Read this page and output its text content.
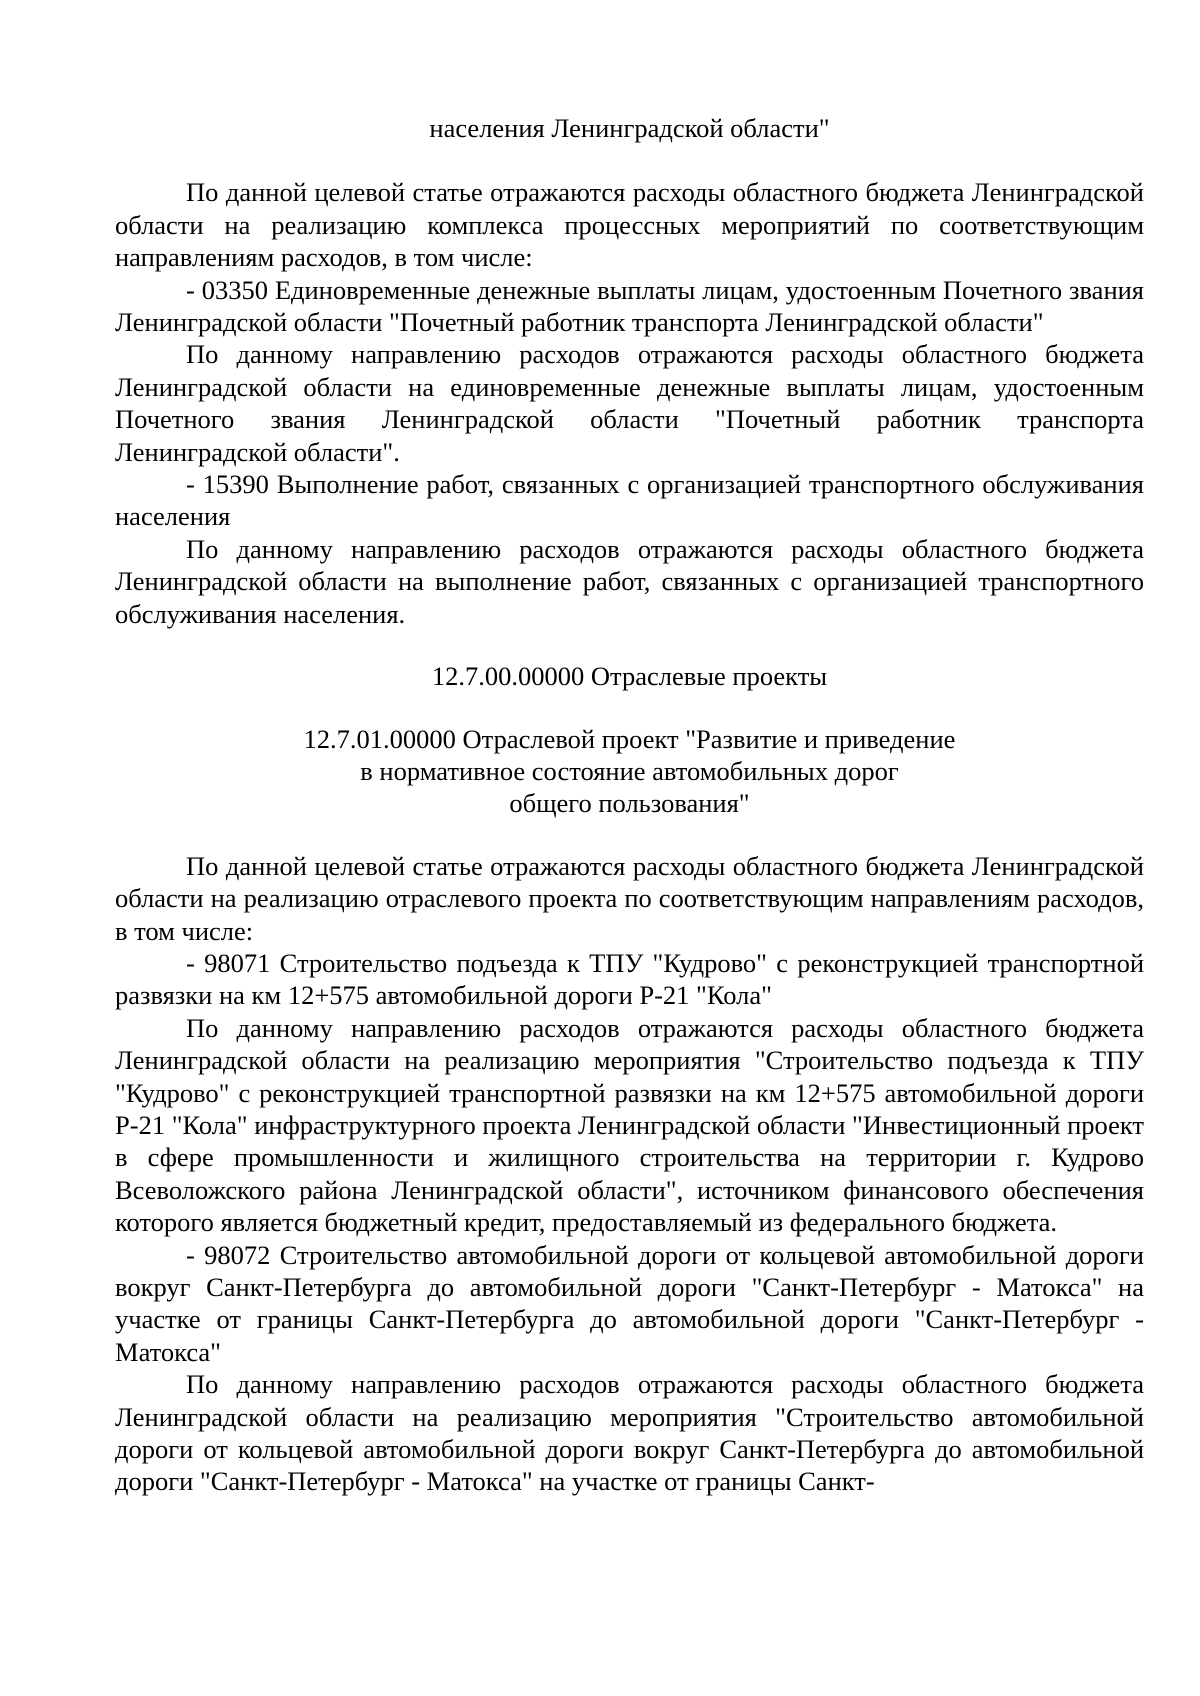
населения Ленинградской области"

По данной целевой статье отражаются расходы областного бюджета Ленинградской области на реализацию комплекса процессных мероприятий по соответствующим направлениям расходов, в том числе:

- 03350 Единовременные денежные выплаты лицам, удостоенным Почетного звания Ленинградской области "Почетный работник транспорта Ленинградской области"

По данному направлению расходов отражаются расходы областного бюджета Ленинградской области на единовременные денежные выплаты лицам, удостоенным Почетного звания Ленинградской области "Почетный работник транспорта Ленинградской области".

- 15390 Выполнение работ, связанных с организацией транспортного обслуживания населения

По данному направлению расходов отражаются расходы областного бюджета Ленинградской области на выполнение работ, связанных с организацией транспортного обслуживания населения.

12.7.00.00000 Отраслевые проекты

12.7.01.00000 Отраслевой проект "Развитие и приведение

в нормативное состояние автомобильных дорог

общего пользования"

По данной целевой статье отражаются расходы областного бюджета Ленинградской области на реализацию отраслевого проекта по соответствующим направлениям расходов, в том числе:

- 98071 Строительство подъезда к ТПУ "Кудрово" с реконструкцией транспортной развязки на км 12+575 автомобильной дороги Р-21 "Кола"

По данному направлению расходов отражаются расходы областного бюджета Ленинградской области на реализацию мероприятия "Строительство подъезда к ТПУ "Кудрово" с реконструкцией транспортной развязки на км 12+575 автомобильной дороги Р-21 "Кола" инфраструктурного проекта Ленинградской области "Инвестиционный проект в сфере промышленности и жилищного строительства на территории г. Кудрово Всеволожского района Ленинградской области", источником финансового обеспечения которого является бюджетный кредит, предоставляемый из федерального бюджета.

- 98072 Строительство автомобильной дороги от кольцевой автомобильной дороги вокруг Санкт-Петербурга до автомобильной дороги "Санкт-Петербург - Матокса" на участке от границы Санкт-Петербурга до автомобильной дороги "Санкт-Петербург - Матокса"

По данному направлению расходов отражаются расходы областного бюджета Ленинградской области на реализацию мероприятия "Строительство автомобильной дороги от кольцевой автомобильной дороги вокруг Санкт-Петербурга до автомобильной дороги "Санкт-Петербург - Матокса" на участке от границы Санкт-
